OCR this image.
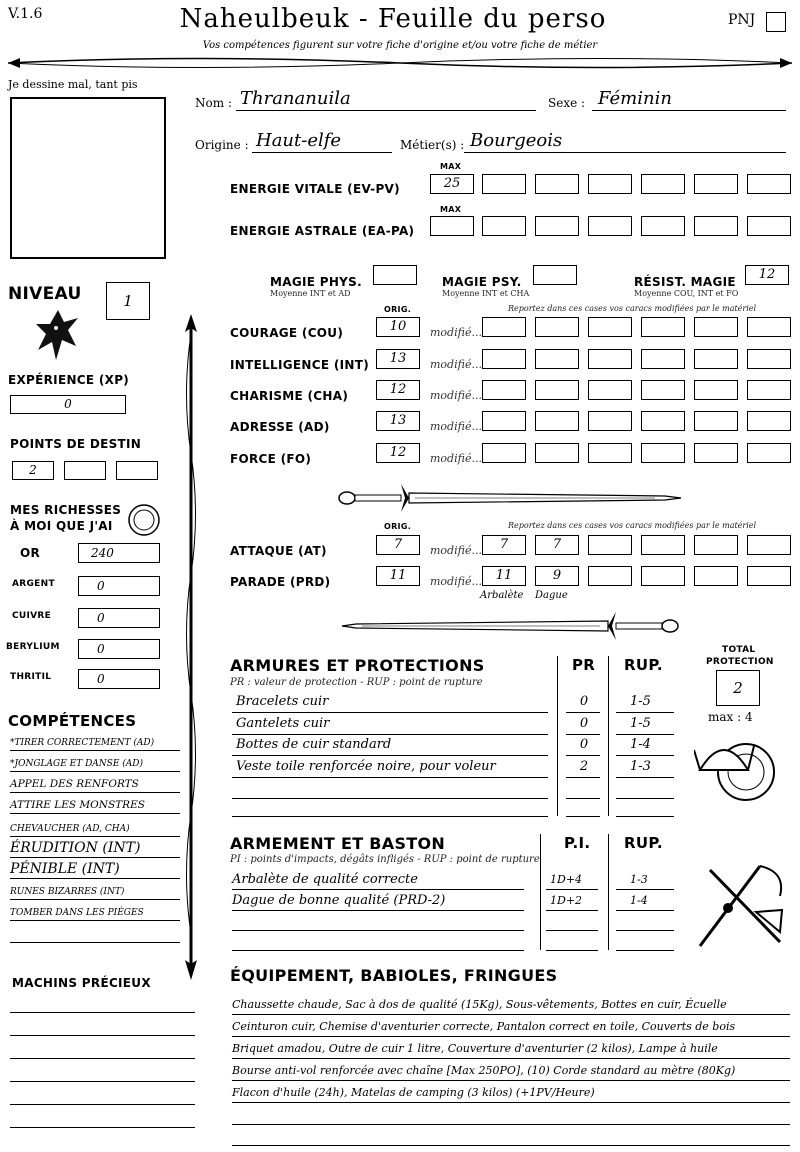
V.1.6	Naheulbeuk - Feuille du perso	PNJ
Vos compétences figurent sur votre fiche d'origine et/ou votre fiche de métier
Je dessine mal, tant pis
Nom : Thrananuila	Sexe : Féminin
Origine : Haut-elfe	Métier(s) : Bourgeois
MAX
ENERGIE VITALE (EV-PV)	25
MAX
ENERGIE ASTRALE (EA-PA)
MAGIE PHYS.
Moyenne INT et AD
MAGIE PSY.
Moyenne INT et CHA
RÉSIST. MAGIE
Moyenne COU, INT et FO
12
NIVEAU	1
EXPÉRIENCE (XP)
0
POINTS DE DESTIN
2
MES RICHESSES
À MOI QUE J'AI
OR	240
ARGENT	0
CUIVRE	0
BERYLIUM	0
THRITIL	0
ORIG.	Reportez dans ces cases vos caracs modifiées par le matériel
COURAGE (COU)	10	modifié...
INTELLIGENCE (INT)	13	modifié...
CHARISME (CHA)	12	modifié...
ADRESSE (AD)	13	modifié...
FORCE (FO)	12	modifié...
ORIG.	Reportez dans ces cases vos caracs modifiées par le matériel
ATTAQUE (AT)	7	modifié...	7	7
PARADE (PRD)	11	modifié...	11	9
Arbalète Dague
ARMURES ET PROTECTIONS
PR : valeur de protection - RUP : point de rupture
PR RUP.
Bracelets cuir	0	1-5
Gantelets cuir	0	1-5
Bottes de cuir standard	0	1-4
Veste toile renforcée noire, pour voleur	2	1-3
TOTAL
PROTECTION
2
max : 4
ARMEMENT ET BASTON
PI : points d'impacts, dégâts infligés - RUP : point de rupture
P.I. RUP.
Arbalète de qualité correcte	1D+4	1-3
Dague de bonne qualité (PRD-2)	1D+2	1-4
COMPÉTENCES
*TIRER CORRECTEMENT (AD)
*JONGLAGE ET DANSE (AD)
APPEL DES RENFORTS
ATTIRE LES MONSTRES
CHEVAUCHER (AD, CHA)
ÉRUDITION (INT)
PÉNIBLE (INT)
RUNES BIZARRES (INT)
TOMBER DANS LES PIÈGES
MACHINS PRÉCIEUX	ÉQUIPEMENT, BABIOLES, FRINGUES
Chaussette chaude, Sac à dos de qualité (15Kg), Sous-vêtements, Bottes en cuir, Écuelle
Ceinturon cuir, Chemise d'aventurier correcte, Pantalon correct en toile, Couverts de bois
Briquet amadou, Outre de cuir 1 litre, Couverture d'aventurier (2 kilos), Lampe à huile
Bourse anti-vol renforcée avec chaîne [Max 250PO], (10) Corde standard au mètre (80Kg)
Flacon d'huile (24h), Matelas de camping (3 kilos) (+1PV/Heure)
